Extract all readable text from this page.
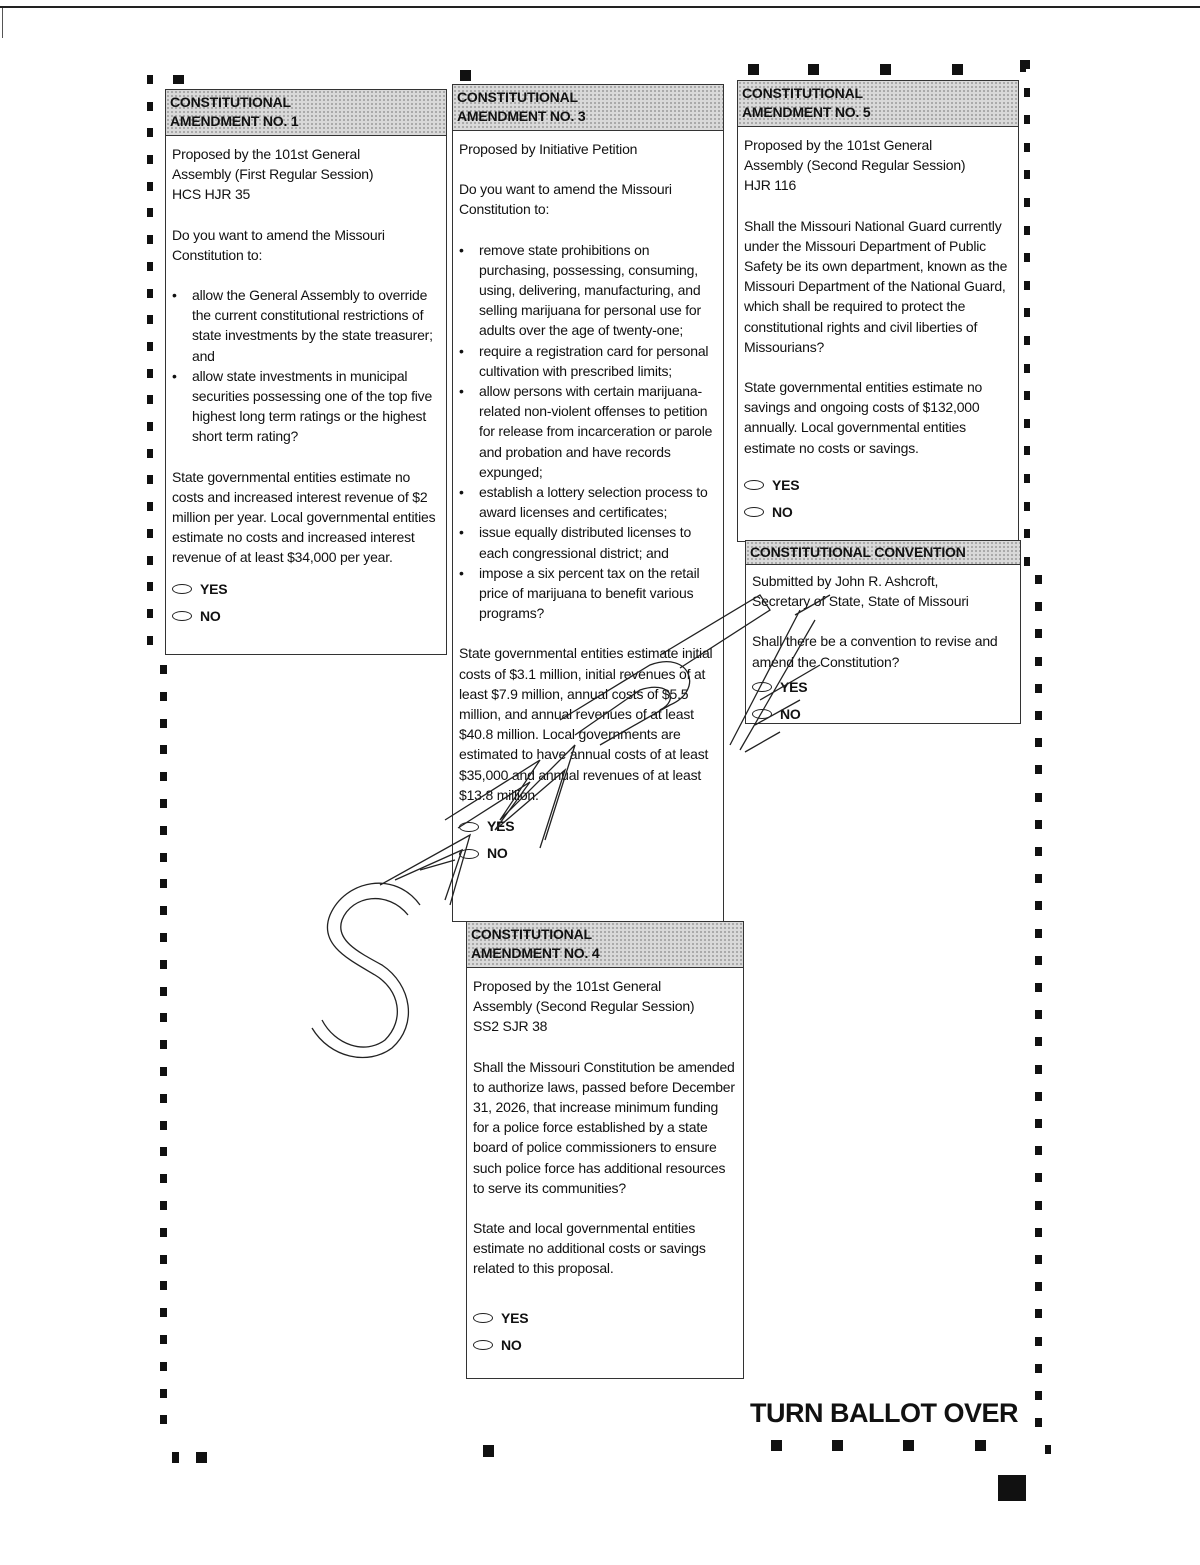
CONSTITUTIONAL
AMENDMENT NO. 1
Proposed by the 101st General
Assembly (First Regular Session)
HCS HJR 35
Do you want to amend the Missouri Constitution to:
• allow the General Assembly to override the current constitutional restrictions of state investments by the state treasurer; and
• allow state investments in municipal securities possessing one of the top five highest long term ratings or the highest short term rating?
State governmental entities estimate no costs and increased interest revenue of $2 million per year. Local governmental entities estimate no costs and increased interest revenue of at least $34,000 per year.
YES
NO
CONSTITUTIONAL
AMENDMENT NO. 3
Proposed by Initiative Petition
Do you want to amend the Missouri Constitution to:
• remove state prohibitions on purchasing, possessing, consuming, using, delivering, manufacturing, and selling marijuana for personal use for adults over the age of twenty-one;
• require a registration card for personal cultivation with prescribed limits;
• allow persons with certain marijuana-related non-violent offenses to petition for release from incarceration or parole and probation and have records expunged;
• establish a lottery selection process to award licenses and certificates;
• issue equally distributed licenses to each congressional district; and
• impose a six percent tax on the retail price of marijuana to benefit various programs?
State governmental entities estimate initial costs of $3.1 million, initial revenues of at least $7.9 million, annual costs of $5.5 million, and annual revenues of at least $40.8 million. Local governments are estimated to have annual costs of at least $35,000 and annual revenues of at least $13.8 million.
YES
NO
CONSTITUTIONAL
AMENDMENT NO. 4
Proposed by the 101st General
Assembly (Second Regular Session)
SS2 SJR 38
Shall the Missouri Constitution be amended to authorize laws, passed before December 31, 2026, that increase minimum funding for a police force established by a state board of police commissioners to ensure such police force has additional resources to serve its communities?
State and local governmental entities estimate no additional costs or savings related to this proposal.
YES
NO
CONSTITUTIONAL
AMENDMENT NO. 5
Proposed by the 101st General
Assembly (Second Regular Session)
HJR 116
Shall the Missouri National Guard currently under the Missouri Department of Public Safety be its own department, known as the Missouri Department of the National Guard, which shall be required to protect the constitutional rights and civil liberties of Missourians?
State governmental entities estimate no savings and ongoing costs of $132,000 annually. Local governmental entities estimate no costs or savings.
YES
NO
CONSTITUTIONAL CONVENTION
Submitted by John R. Ashcroft,
Secretary of State, State of Missouri
Shall there be a convention to revise and amend the Constitution?
YES
NO
TURN BALLOT OVER
